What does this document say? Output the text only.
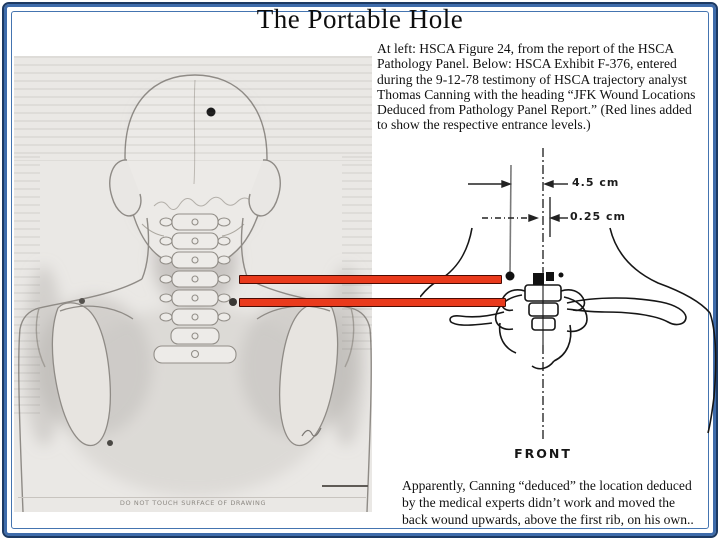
The Portable Hole
DO NOT TOUCH SURFACE OF DRAWING
At left: HSCA Figure 24, from the report of the HSCA
Pathology Panel. Below: HSCA Exhibit F-376, entered
during the 9-12-78 testimony of HSCA trajectory analyst
Thomas Canning with the heading “JFK Wound Locations
Deduced from Pathology Panel Report.” (Red lines added
to show the respective entrance levels.)
4.5 cm
0.25 cm
FRONT
Apparently, Canning “deduced” the location deduced
by the medical experts didn’t work and moved the
back wound upwards, above the first rib, on his own..
